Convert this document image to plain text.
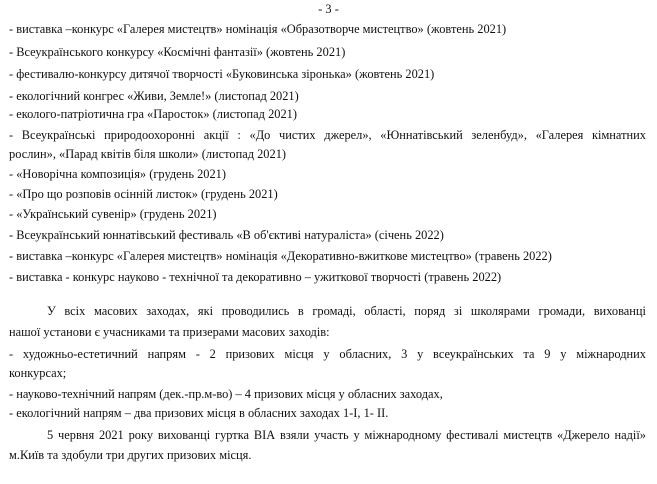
- 3 -
- виставка –конкурс «Галерея мистецтв» номінація «Образотворче мистецтво» (жовтень 2021)
- Всеукраїнського конкурсу «Космічні фантазії» (жовтень 2021)
- фестивалю-конкурсу дитячої творчості «Буковинська зіронька» (жовтень 2021)
- екологічний конгрес «Живи, Земле!» (листопад 2021)
- еколого-патріотична гра «Паросток» (листопад 2021)
- Всеукраїнські природоохоронні акції : «До чистих джерел», «Юннатівський зеленбуд», «Галерея кімнатних
рослин», «Парад квітів біля школи» (листопад 2021)
- «Новорічна композиція» (грудень 2021)
- «Про що розповів осінній листок» (грудень 2021)
- «Український сувенір» (грудень 2021)
- Всеукраїнський юннатівський фестиваль «В об'єктиві натураліста» (січень 2022)
- виставка –конкурс «Галерея мистецтв» номінація «Декоративно-вжиткове мистецтво» (травень 2022)
- виставка - конкурс науково - технічної та декоративно – ужиткової творчості (травень 2022)
У всіх масових заходах, які проводились в громаді, області, поряд зі школярами громади, вихованці
нашої установи є учасниками та призерами масових заходів:
- художньо-естетичний напрям - 2 призових місця у обласних, 3 у всеукраїнських та 9 у міжнародних
конкурсах;
- науково-технічний напрям (дек.-пр.м-во) – 4 призових місця у обласних заходах,
- екологічний напрям – два призових місця в обласних заходах 1-І, 1- ІІ.
5 червня 2021 року вихованці гуртка ВІА взяли участь у міжнародному фестивалі мистецтв «Джерело надії»
м.Київ та здобули три других призових місця.
